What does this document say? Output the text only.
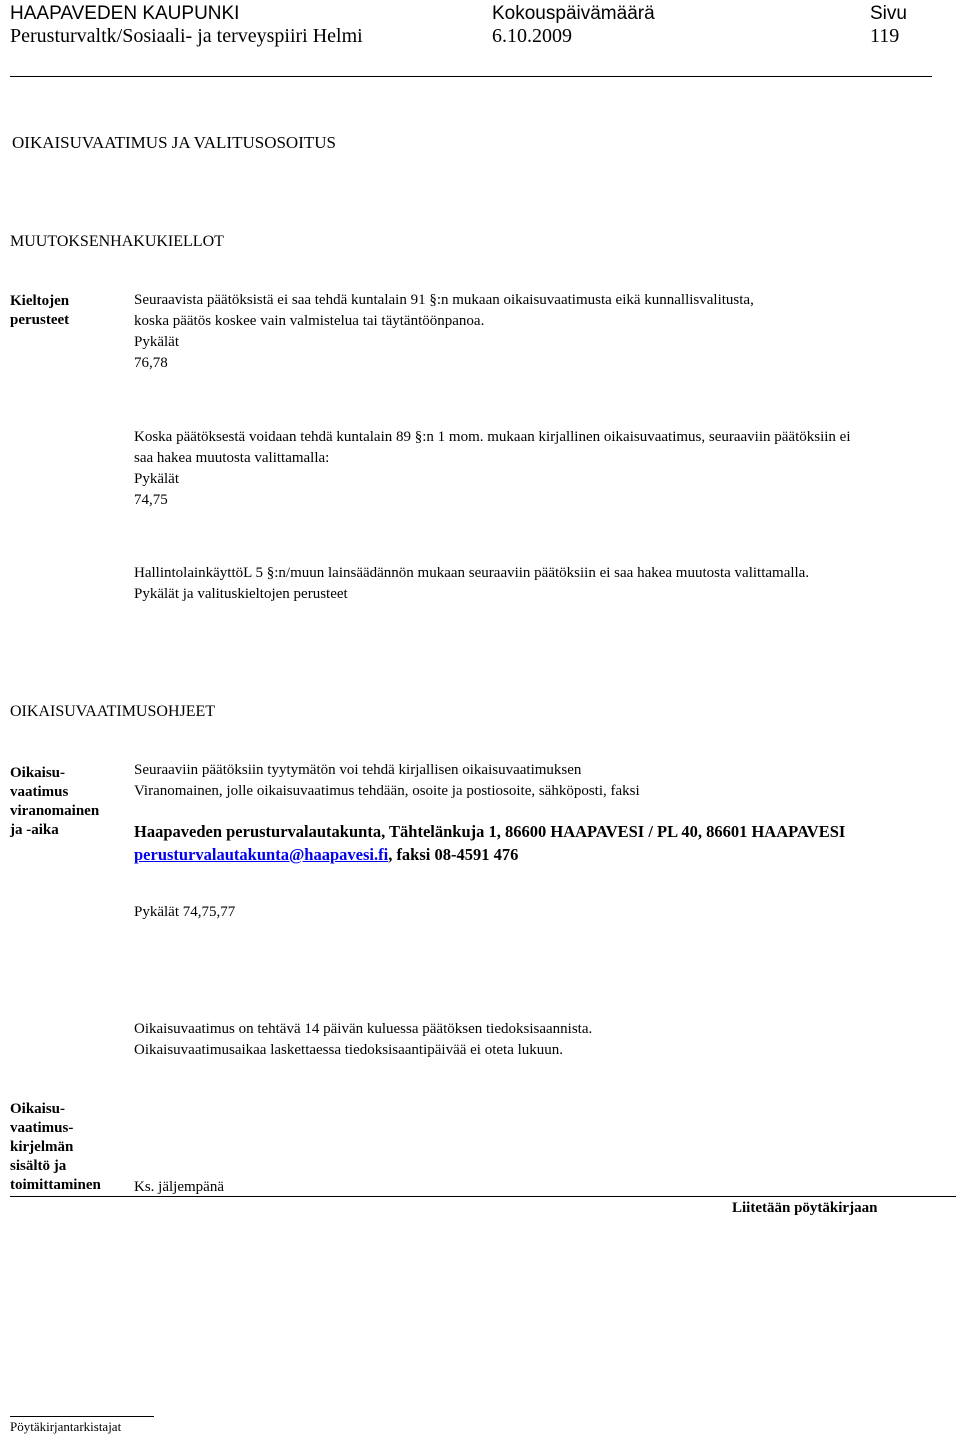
HAAPAVEDEN KAUPUNKI
Perusturvaltk/Sosiaali- ja terveyspiiri Helmi
Kokouspäivämäärä
6.10.2009
Sivu
119
OIKAISUVAATIMUS JA VALITUSOSOITUS
MUUTOKSENHAKUKIELLOT
Kieltojen
perusteet
Seuraavista päätöksistä ei saa tehdä kuntalain 91 §:n mukaan oikaisuvaatimusta eikä kunnallisvalitusta,
koska päätös koskee vain valmistelua tai täytäntöönpanoa.
Pykälät
76,78
Koska päätöksestä voidaan tehdä kuntalain 89 §:n 1 mom. mukaan kirjallinen oikaisuvaatimus, seuraaviin päätöksiin ei
saa hakea muutosta valittamalla:
Pykälät
74,75
HallintolainkäyttöL 5 §:n/muun lainsäädännön mukaan seuraaviin päätöksiin ei saa hakea muutosta valittamalla.
Pykälät ja valituskieltojen perusteet
OIKAISUVAATIMUSOHJEET
Oikaisu-
vaatimus
viranomainen
ja -aika
Seuraaviin päätöksiin tyytymätön voi tehdä kirjallisen oikaisuvaatimuksen
Viranomainen, jolle oikaisuvaatimus tehdään, osoite ja postiosoite, sähköposti, faksi
Haapaveden perusturvalautakunta, Tähtelänkuja 1, 86600 HAAPAVESI / PL 40, 86601 HAAPAVESI
perusturvalautakunta@haapavesi.fi, faksi 08-4591 476
Pykälät 74,75,77
Oikaisuvaatimus on tehtävä 14 päivän kuluessa päätöksen tiedoksisaannista.
Oikaisuvaatimusaikaa laskettaessa tiedoksisaantipäivää ei oteta lukuun.
Oikaisu-
vaatimus-
kirjelmän
sisältö ja
toimittaminen	Ks. jäljempänä
Liitetään pöytäkirjaan
Pöytäkirjantarkistajat
